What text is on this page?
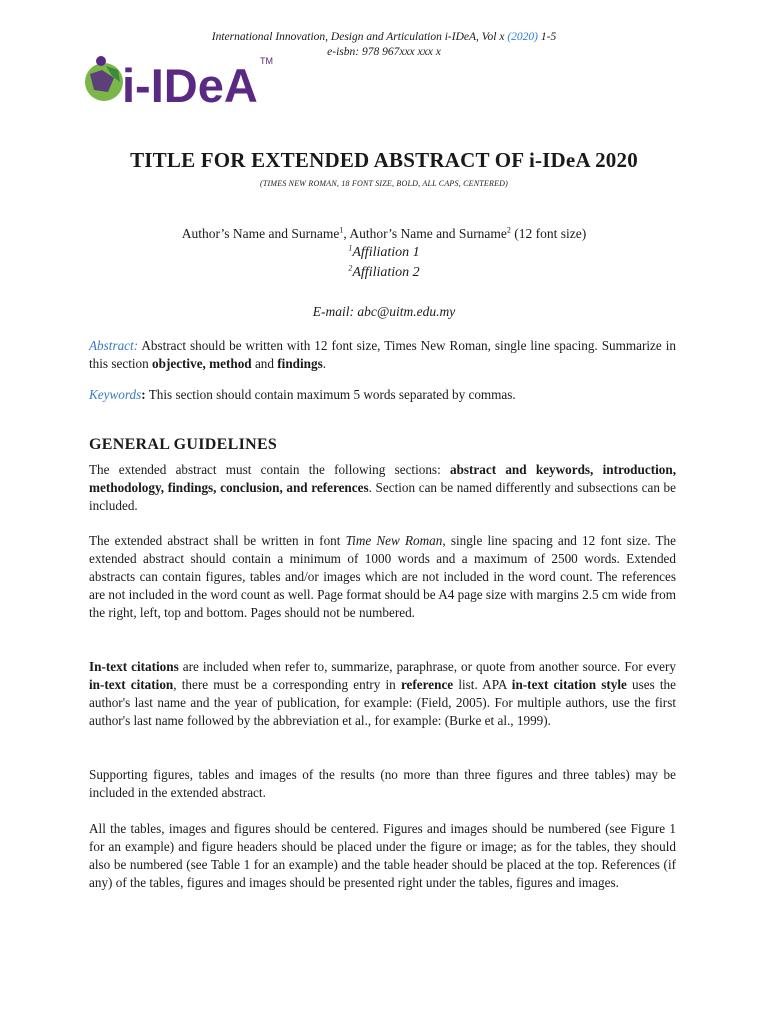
International Innovation, Design and Articulation i-IDeA, Vol x (2020) 1-5
e-isbn: 978 967xxx xxx x
i-IDeA TM
TITLE FOR EXTENDED ABSTRACT OF i-IDeA 2020
(TIMES NEW ROMAN, 18 FONT SIZE, BOLD, ALL CAPS, CENTERED)
Author’s Name and Surname$^1$, Author’s Name and Surname$^2$ (12 font size)
$^1$Affiliation 1
$^2$Affiliation 2
E-mail: abc@uitm.edu.my
Abstract: Abstract should be written with 12 font size, Times New Roman, single line spacing. Summarize in this section objective, method and findings.
Keywords: This section should contain maximum 5 words separated by commas.
GENERAL GUIDELINES
The extended abstract must contain the following sections: abstract and keywords, introduction, methodology, findings, conclusion, and references. Section can be named differently and subsections can be included.
The extended abstract shall be written in font Time New Roman, single line spacing and 12 font size. The extended abstract should contain a minimum of 1000 words and a maximum of 2500 words. Extended abstracts can contain figures, tables and/or images which are not included in the word count. The references are not included in the word count as well. Page format should be A4 page size with margins 2.5 cm wide from the right, left, top and bottom. Pages should not be numbered.
In-text citations are included when refer to, summarize, paraphrase, or quote from another source. For every in-text citation, there must be a corresponding entry in reference list. APA in-text citation style uses the author's last name and the year of publication, for example: (Field, 2005). For multiple authors, use the first author's last name followed by the abbreviation et al., for example: (Burke et al., 1999).
Supporting figures, tables and images of the results (no more than three figures and three tables) may be included in the extended abstract.
All the tables, images and figures should be centered. Figures and images should be numbered (see Figure 1 for an example) and figure headers should be placed under the figure or image; as for the tables, they should also be numbered (see Table 1 for an example) and the table header should be placed at the top. References (if any) of the tables, figures and images should be presented right under the tables, figures and images.
